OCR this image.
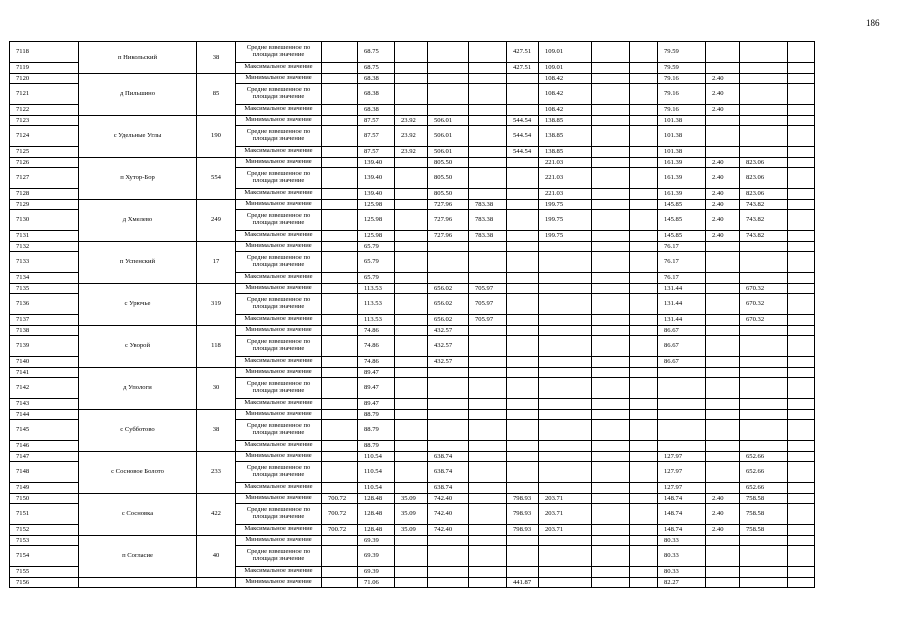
186
7118	п Никольский	38	Средне взвешенное по площади значение		68.75				427.51	109.01			79.59			
7119			Максимальное значение		68.75				427.51	109.01			79.59			
7120	д Пильшино	85	Минимальное значение		68.38					108.42			79.16	2.40		
7121			Средне взвешенное по площади значение		68.38					108.42			79.16	2.40		
7122			Максимальное значение		68.38					108.42			79.16	2.40		
7123	с Удельные Углы	190	Минимальное значение		87.57	23.92	506.01		544.54	138.85			101.38			
7124			Средне взвешенное по площади значение		87.57	23.92	506.01		544.54	138.85			101.38			
7125			Максимальное значение		87.57	23.92	506.01		544.54	138.85			101.38			
7126	п Хутор-Бор	554	Минимальное значение		139.40		805.50			221.03			161.39	2.40	823.06	
7127			Средне взвешенное по площади значение		139.40		805.50			221.03			161.39	2.40	823.06	
7128			Максимальное значение		139.40		805.50			221.03			161.39	2.40	823.06	
7129	д Хмелево	249	Минимальное значение		125.98		727.96	783.38		199.75			145.85	2.40	743.82	
7130			Средне взвешенное по площади значение		125.98		727.96	783.38		199.75			145.85	2.40	743.82	
7131			Максимальное значение		125.98		727.96	783.38		199.75			145.85	2.40	743.82	
7132	п Успенский	17	Минимальное значение		65.79								76.17			
7133			Средне взвешенное по площади значение		65.79								76.17			
7134			Максимальное значение		65.79								76.17			
7135	с Урючье	319	Минимальное значение		113.53		656.02	705.97					131.44		670.32	
7136			Средне взвешенное по площади значение		113.53		656.02	705.97					131.44		670.32	
7137			Максимальное значение		113.53		656.02	705.97					131.44		670.32	
7138	с Уворой	118	Минимальное значение		74.86		432.57						86.67			
7139			Средне взвешенное по площади значение		74.86		432.57						86.67			
7140			Максимальное значение		74.86		432.57						86.67			
7141	д Упологи	30	Минимальное значение		89.47											
7142			Средне взвешенное по площади значение		89.47											
7143			Максимальное значение		89.47											
7144	с Субботово	38	Минимальное значение		88.79											
7145			Средне взвешенное по площади значение		88.79											
7146			Максимальное значение		88.79											
7147	с Сосновое Болото	233	Минимальное значение		110.54		638.74						127.97		652.66	
7148			Средне взвешенное по площади значение		110.54		638.74						127.97		652.66	
7149			Максимальное значение		110.54		638.74						127.97		652.66	
7150	с Сосновка	422	Минимальное значение	700.72	128.48	35.09	742.40		798.93	203.71			148.74	2.40	758.58	
7151			Средне взвешенное по площади значение	700.72	128.48	35.09	742.40		798.93	203.71			148.74	2.40	758.58	
7152			Максимальное значение	700.72	128.48	35.09	742.40		798.93	203.71			148.74	2.40	758.58	
7153	п Согласие	40	Минимальное значение		69.39								80.33			
7154			Средне взвешенное по площади значение		69.39								80.33			
7155			Максимальное значение		69.39								80.33			
7156			Минимальное значение		71.06				441.87				82.27			
